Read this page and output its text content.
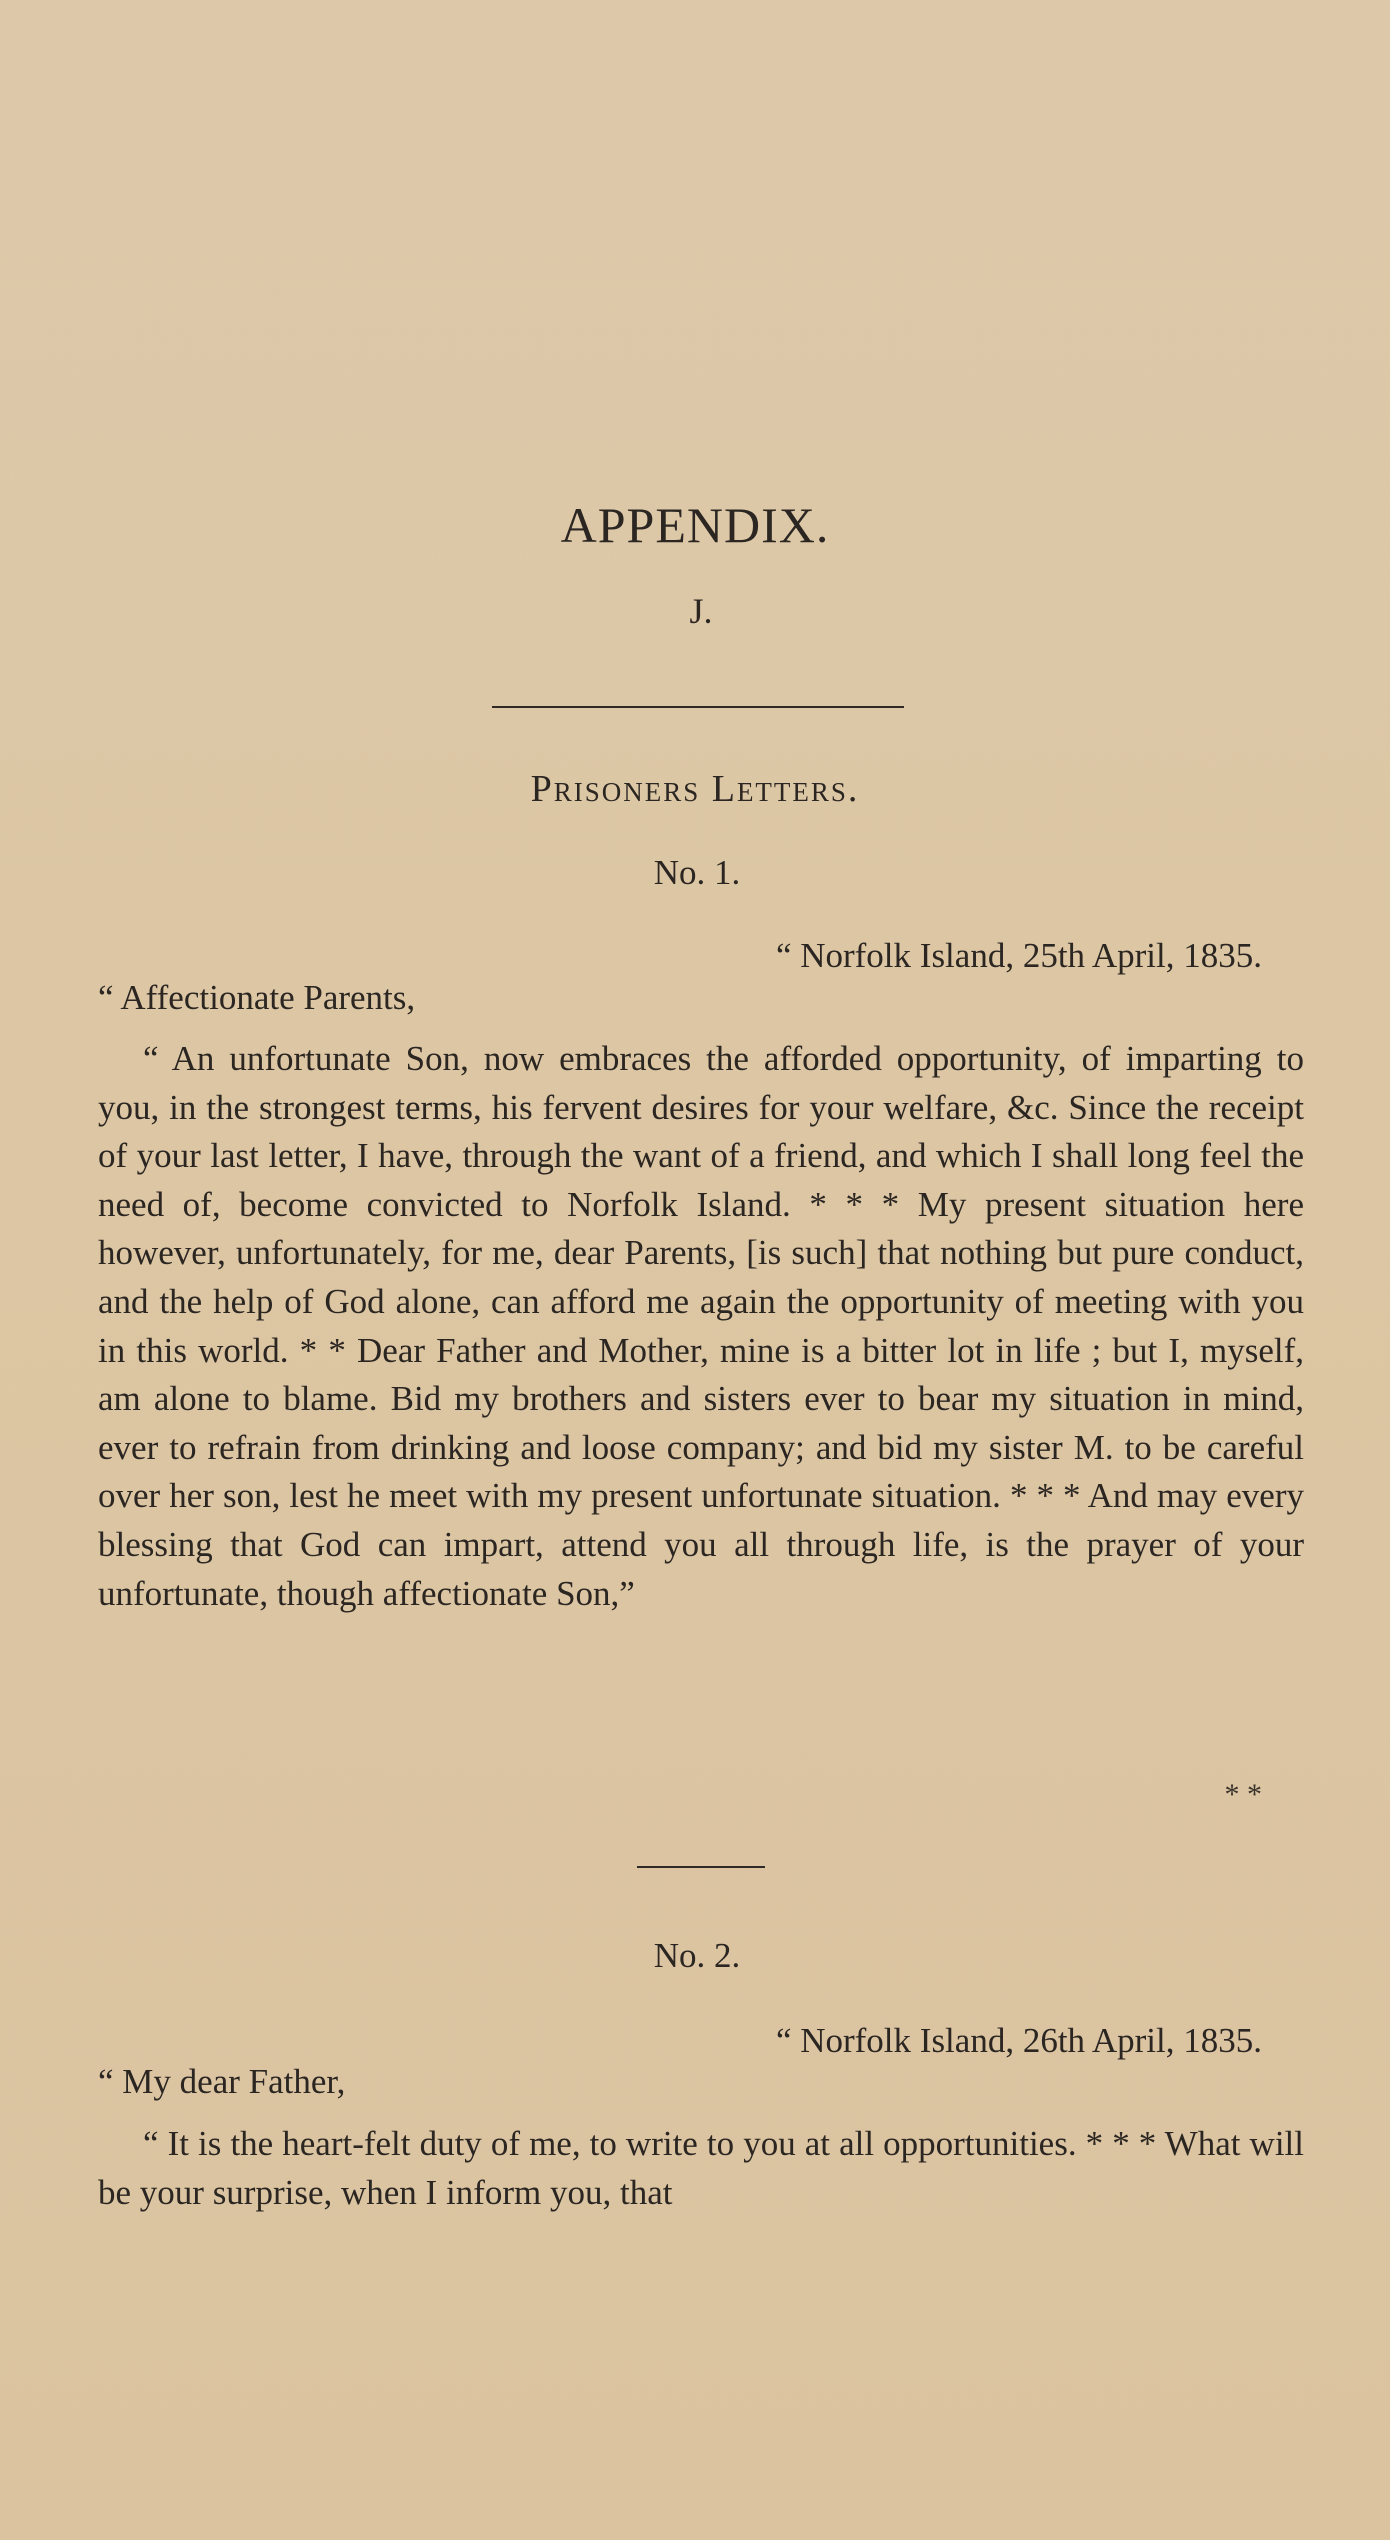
APPENDIX.
J.
Prisoners Letters.
No. 1.
“ Norfolk Island, 25th April, 1835.
“ Affectionate Parents,

“ An unfortunate Son, now embraces the afforded opportunity, of imparting to you, in the strongest terms, his fervent desires for your welfare, &c. Since the receipt of your last letter, I have, through the want of a friend, and which I shall long feel the need of, become convicted to Norfolk Island. * * * My present situation here however, unfortunately, for me, dear Parents, [is such] that nothing but pure conduct, and the help of God alone, can afford me again the opportunity of meeting with you in this world. * * Dear Father and Mother, mine is a bitter lot in life ; but I, myself, am alone to blame. Bid my brothers and sisters ever to bear my situation in mind, ever to refrain from drinking and loose company; and bid my sister M. to be careful over her son, lest he meet with my present unfortunate situation. * * * And may every blessing that God can impart, attend you all through life, is the prayer of your unfortunate, though affectionate Son,”

* *
No. 2.
“ Norfolk Island, 26th April, 1835.
“ My dear Father,

“ It is the heart-felt duty of me, to write to you at all opportunities. * * * What will be your surprise, when I inform you, that
